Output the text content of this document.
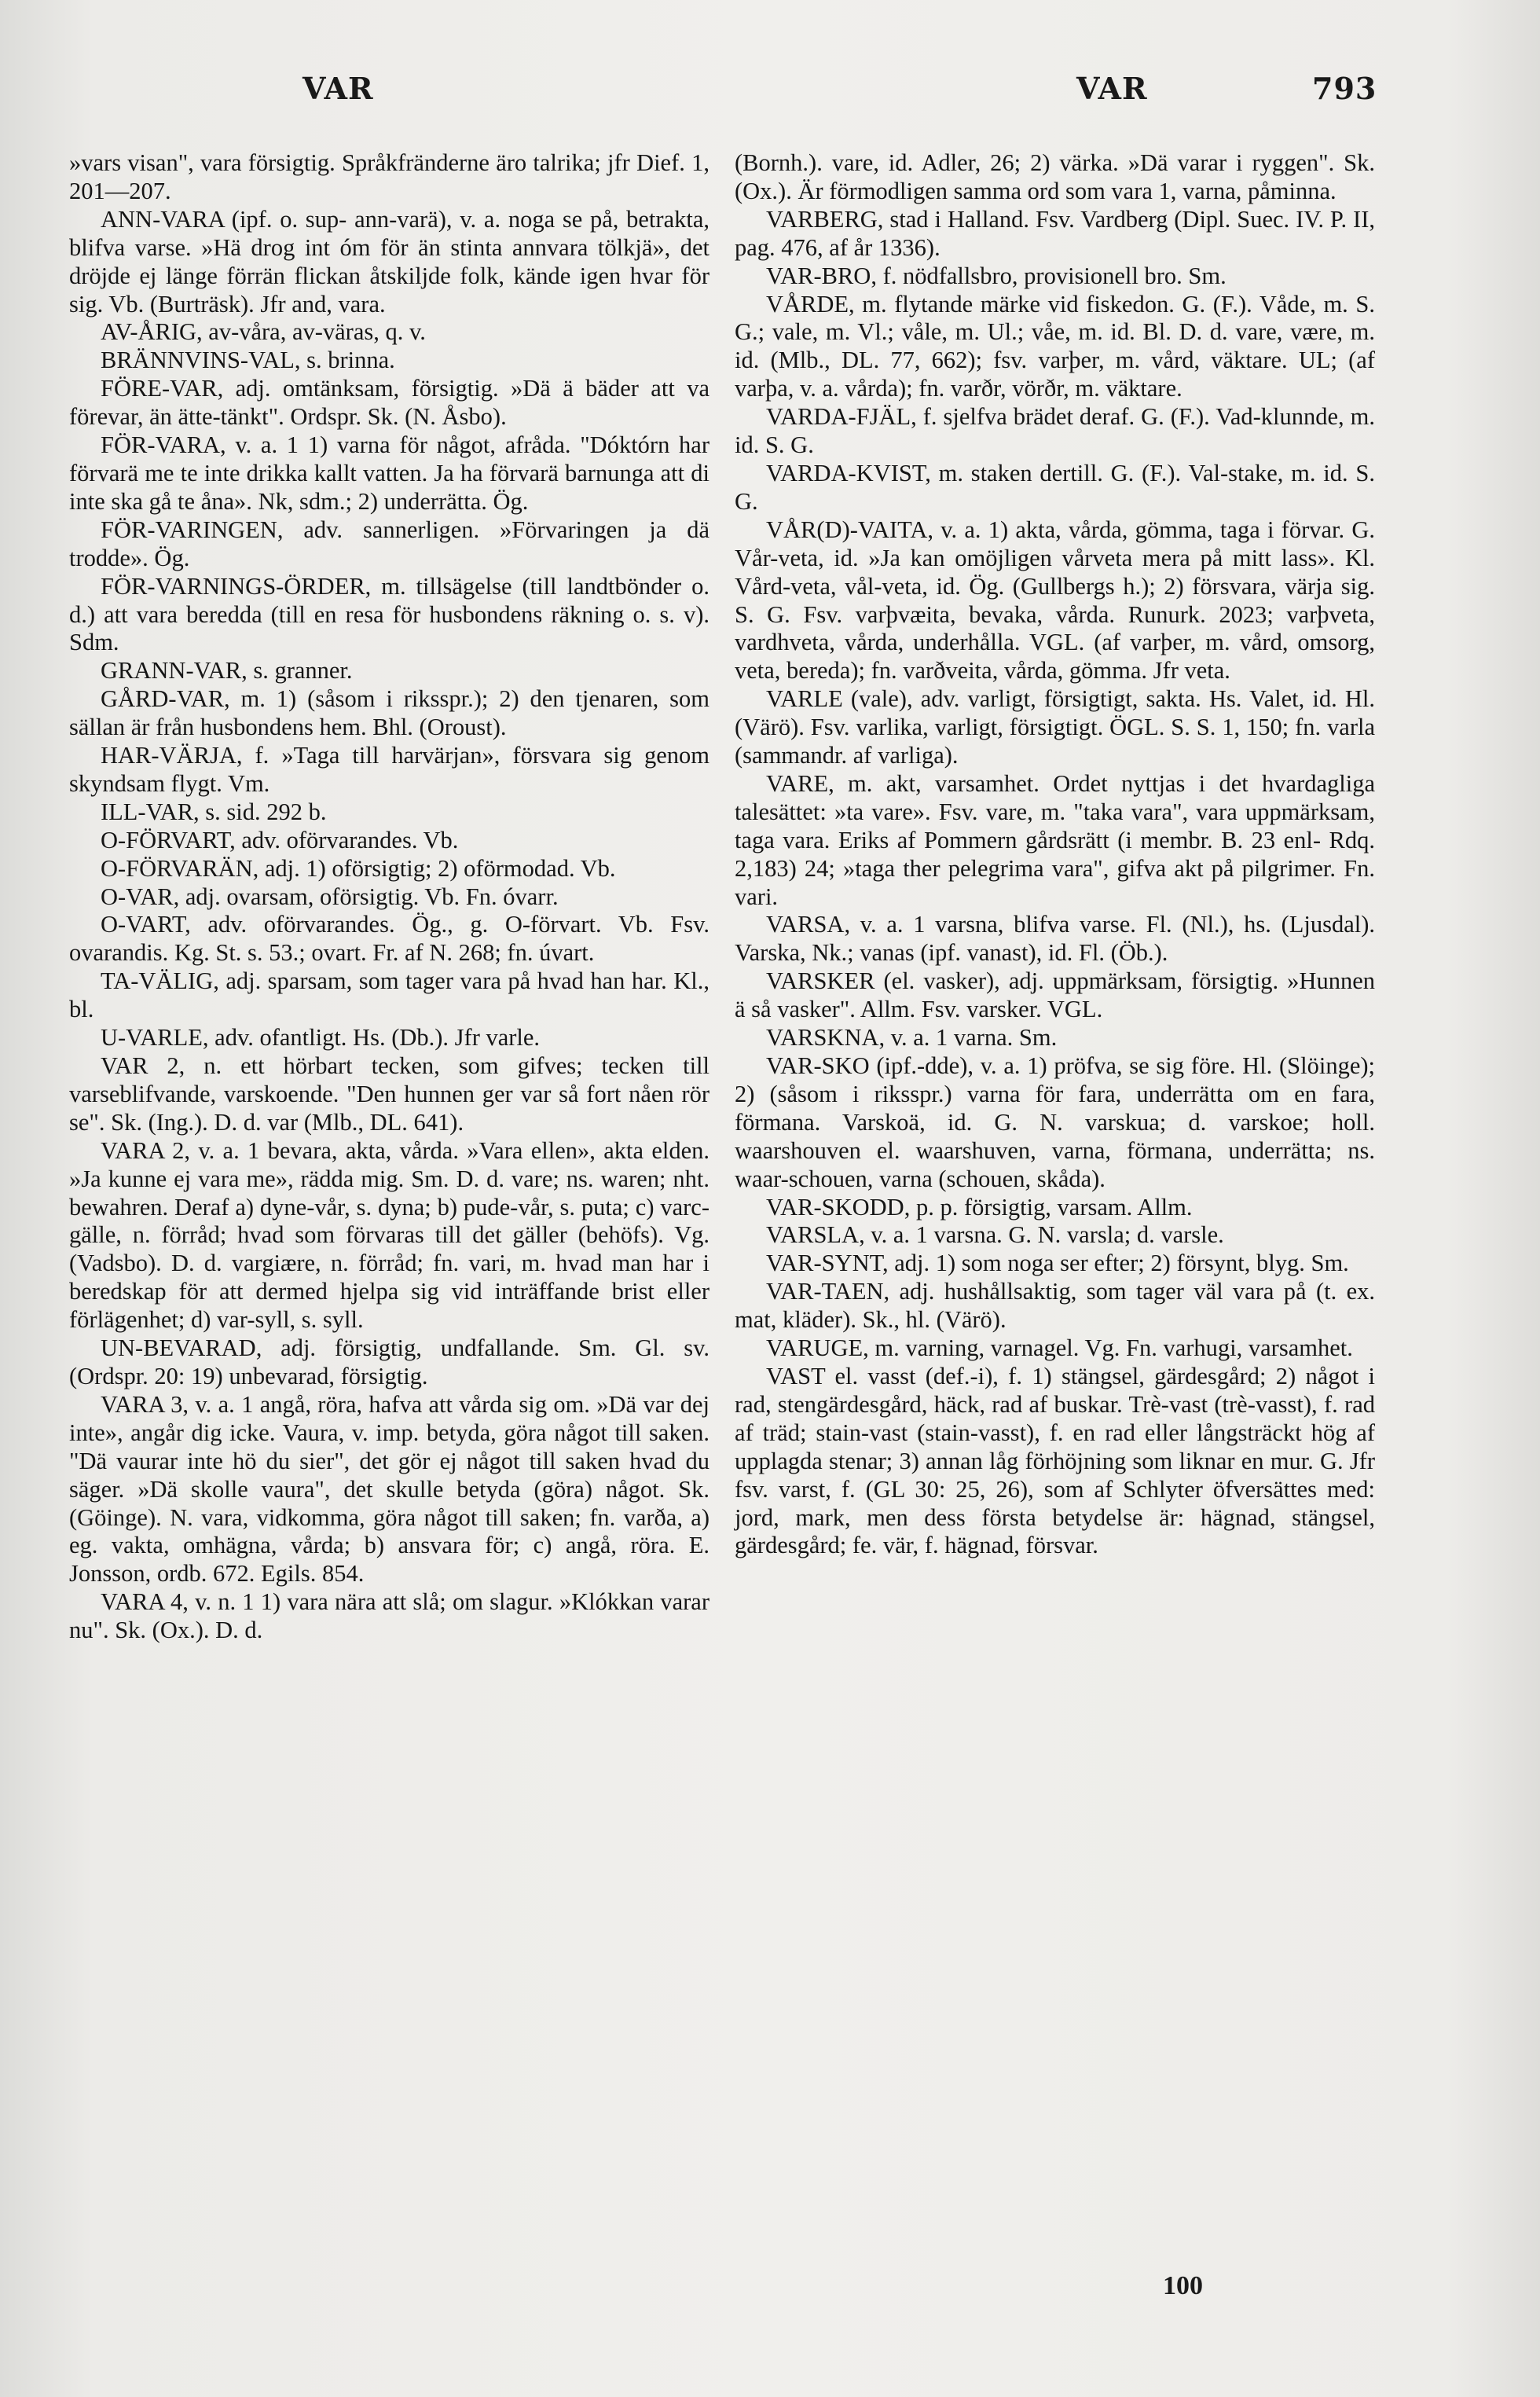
VAR	VAR	793

»vars visan", vara försigtig. Språkfränderne äro talrika; jfr Dief. 1, 201—207.

ANN-VARA (ipf. o. sup- ann-varä), v. a. noga se på, betrakta, blifva varse. »Hä drog int óm för än stinta annvara tölkjä», det dröjde ej länge förrän flickan åtskiljde folk, kände igen hvar för sig. Vb. (Burträsk). Jfr and, vara.

AV-ÅRIG, av-våra, av-väras, q. v.

BRÄNNVINS-VAL, s. brinna.

FÖRE-VAR, adj. omtänksam, försigtig. »Dä ä bäder att va förevar, än ätte-tänkt". Ordspr. Sk. (N. Åsbo).

FÖR-VARA, v. a. 1 1) varna för något, afråda. "Dóktórn har förvarä me te inte drikka kallt vatten. Ja ha förvarä barnunga att di inte ska gå te åna». Nk, sdm.; 2) underrätta. Ög.

FÖR-VARINGEN, adv. sannerligen. »Förvaringen ja dä trodde». Ög.

FÖR-VARNINGS-ÖRDER, m. tillsägelse (till landtbönder o. d.) att vara beredda (till en resa för husbondens räkning o. s. v). Sdm.

GRANN-VAR, s. granner.

GÅRD-VAR, m. 1) (såsom i riksspr.); 2) den tjenaren, som sällan är från husbondens hem. Bhl. (Oroust).

HAR-VÄRJA, f. »Taga till harvärjan», försvara sig genom skyndsam flygt. Vm.

ILL-VAR, s. sid. 292 b.

O-FÖRVART, adv. oförvarandes. Vb.

O-FÖRVARÄN, adj. 1) oförsigtig; 2) oförmodad. Vb.

O-VAR, adj. ovarsam, oförsigtig. Vb. Fn. óvarr.

O-VART, adv. oförvarandes. Ög., g. O-förvart. Vb. Fsv. ovarandis. Kg. St. s. 53.; ovart. Fr. af N. 268; fn. úvart.

TA-VÄLIG, adj. sparsam, som tager vara på hvad han har. Kl., bl.

U-VARLE, adv. ofantligt. Hs. (Db.). Jfr varle.

VAR 2, n. ett hörbart tecken, som gifves; tecken till varseblifvande, varskoende. "Den hunnen ger var så fort nåen rör se". Sk. (Ing.). D. d. var (Mlb., DL. 641).

VARA 2, v. a. 1 bevara, akta, vårda. »Vara ellen», akta elden. »Ja kunne ej vara me», rädda mig. Sm. D. d. vare; ns. waren; nht. bewahren. Deraf a) dyne-vår, s. dyna; b) pude-vår, s. puta; c) varc-gälle, n. förråd; hvad som förvaras till det gäller (behöfs). Vg. (Vadsbo). D. d. vargiære, n. förråd; fn. vari, m. hvad man har i beredskap för att dermed hjelpa sig vid inträffande brist eller förlägenhet; d) var-syll, s. syll.

UN-BEVARAD, adj. försigtig, undfallande. Sm. Gl. sv. (Ordspr. 20: 19) unbevarad, försigtig.

VARA 3, v. a. 1 angå, röra, hafva att vårda sig om. »Dä var dej inte», angår dig icke. Vaura, v. imp. betyda, göra något till saken. "Dä vaurar inte hö du sier", det gör ej något till saken hvad du säger. »Dä skolle vaura", det skulle betyda (göra) något. Sk. (Göinge). N. vara, vidkomma, göra något till saken; fn. varða, a) eg. vakta, omhägna, vårda; b) ansvara för; c) angå, röra. E. Jonsson, ordb. 672. Egils. 854.

VARA 4, v. n. 1 1) vara nära att slå; om slagur. »Klókkan varar nu". Sk. (Ox.). D. d.

(Bornh.). vare, id. Adler, 26; 2) värka. »Dä varar i ryggen". Sk. (Ox.). Är förmodligen samma ord som vara 1, varna, påminna.

VARBERG, stad i Halland. Fsv. Vardberg (Dipl. Suec. IV. P. II, pag. 476, af år 1336).

VAR-BRO, f. nödfallsbro, provisionell bro. Sm.

VÅRDE, m. flytande märke vid fiskedon. G. (F.). Våde, m. S. G.; vale, m. Vl.; våle, m. Ul.; våe, m. id. Bl. D. d. vare, være, m. id. (Mlb., DL. 77, 662); fsv. varþer, m. vård, väktare. UL; (af varþa, v. a. vårda); fn. varðr, vörðr, m. väktare.

VARDA-FJÄL, f. sjelfva brädet deraf. G. (F.). Vad-klunnde, m. id. S. G.

VARDA-KVIST, m. staken dertill. G. (F.). Val-stake, m. id. S. G.

VÅR(D)-VAITA, v. a. 1) akta, vårda, gömma, taga i förvar. G. Vår-veta, id. »Ja kan omöjligen vårveta mera på mitt lass». Kl. Vård-veta, vål-veta, id. Ög. (Gullbergs h.); 2) försvara, värja sig. S. G. Fsv. varþvæita, bevaka, vårda. Runurk. 2023; varþveta, vardhveta, vårda, underhålla. VGL. (af varþer, m. vård, omsorg, veta, bereda); fn. varðveita, vårda, gömma. Jfr veta.

VARLE (vale), adv. varligt, försigtigt, sakta. Hs. Valet, id. Hl. (Värö). Fsv. varlika, varligt, försigtigt. ÖGL. S. S. 1, 150; fn. varla (sammandr. af varliga).

VARE, m. akt, varsamhet. Ordet nyttjas i det hvardagliga talesättet: »ta vare». Fsv. vare, m. "taka vara", vara uppmärksam, taga vara. Eriks af Pommern gårdsrätt (i membr. B. 23 enl- Rdq. 2,183) 24; »taga ther pelegrima vara", gifva akt på pilgrimer. Fn. vari.

VARSA, v. a. 1 varsna, blifva varse. Fl. (Nl.), hs. (Ljusdal). Varska, Nk.; vanas (ipf. vanast), id. Fl. (Öb.).

VARSKER (el. vasker), adj. uppmärksam, försigtig. »Hunnen ä så vasker". Allm. Fsv. varsker. VGL.

VARSKNA, v. a. 1 varna. Sm.

VAR-SKO (ipf.-dde), v. a. 1) pröfva, se sig före. Hl. (Slöinge); 2) (såsom i riksspr.) varna för fara, underrätta om en fara, förmana. Varskoä, id. G. N. varskua; d. varskoe; holl. waarshouven el. waarshuven, varna, förmana, underrätta; ns. waar-schouen, varna (schouen, skåda).

VAR-SKODD, p. p. försigtig, varsam. Allm.

VARSLA, v. a. 1 varsna. G. N. varsla; d. varsle.

VAR-SYNT, adj. 1) som noga ser efter; 2) försynt, blyg. Sm.

VAR-TAEN, adj. hushållsaktig, som tager väl vara på (t. ex. mat, kläder). Sk., hl. (Värö).

VARUGE, m. varning, varnagel. Vg. Fn. varhugi, varsamhet.

VAST el. vasst (def.-i), f. 1) stängsel, gärdesgård; 2) något i rad, stengärdesgård, häck, rad af buskar. Trè-vast (trè-vasst), f. rad af träd; stain-vast (stain-vasst), f. en rad eller långsträckt hög af upplagda stenar; 3) annan låg förhöjning som liknar en mur. G. Jfr fsv. varst, f. (GL 30: 25, 26), som af Schlyter öfversättes med: jord, mark, men dess första betydelse är: hägnad, stängsel, gärdesgård; fe. vär, f. hägnad, försvar.

100
